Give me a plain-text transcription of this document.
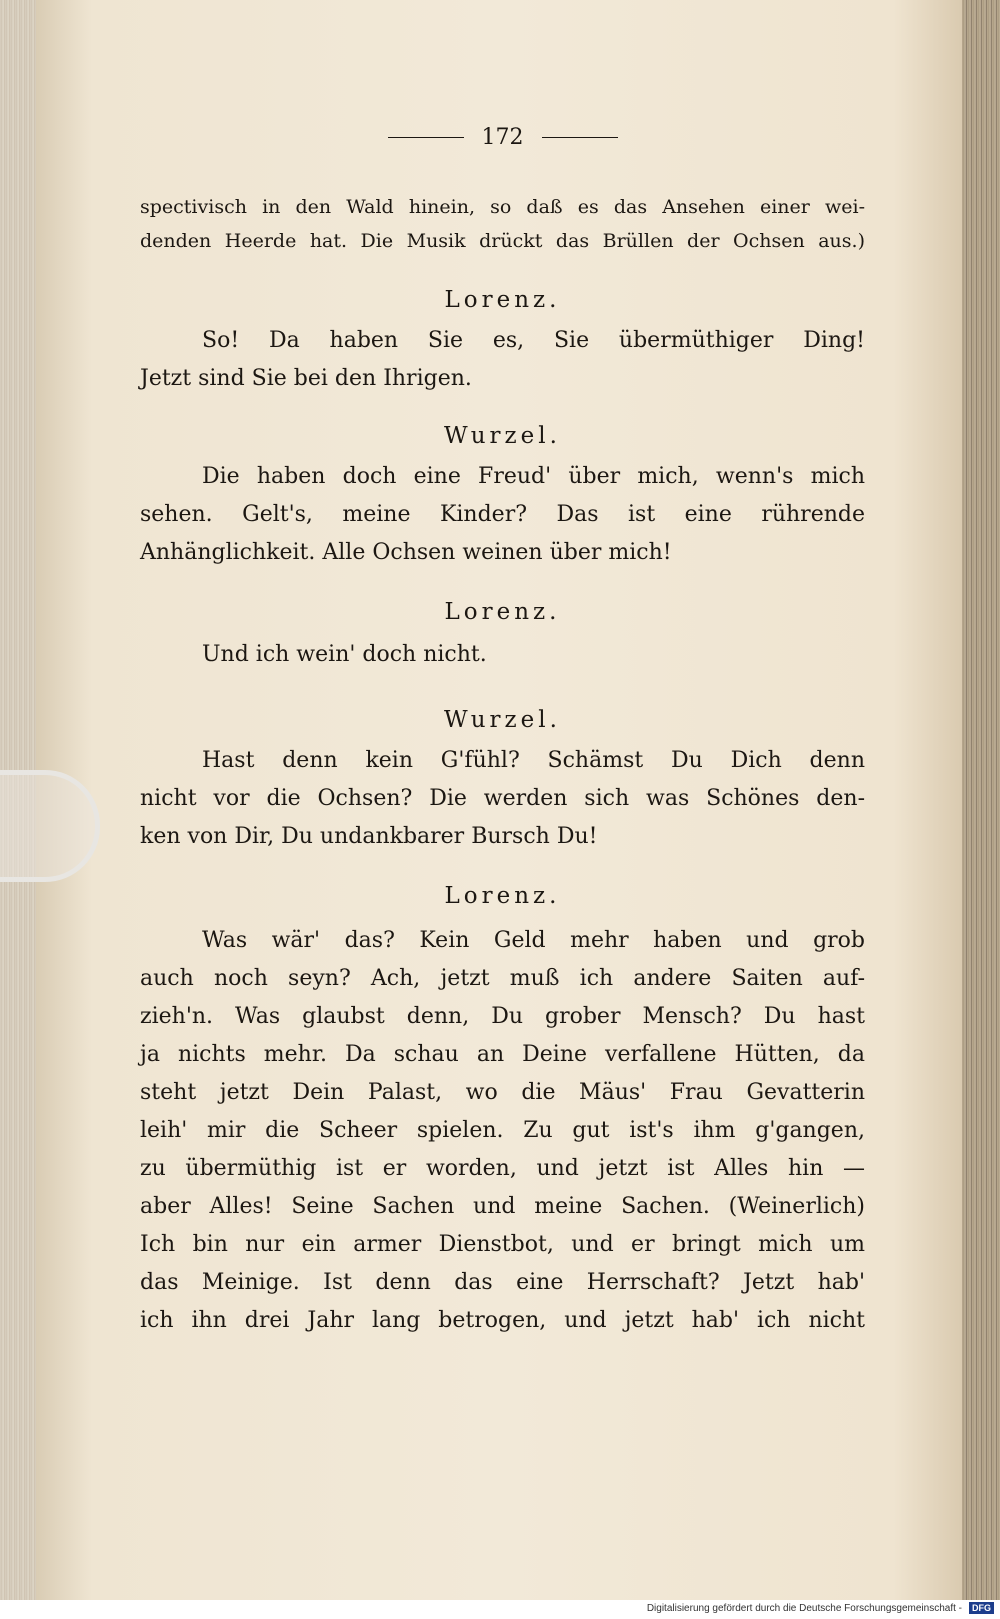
172
spectivisch in den Wald hinein, so daß es das Ansehen einer wei-
denden Heerde hat. Die Musik drückt das Brüllen der Ochsen aus.)
Lorenz.
So! Da haben Sie es, Sie übermüthiger Ding!
Jetzt sind Sie bei den Ihrigen.
Wurzel.
Die haben doch eine Freud' über mich, wenn's mich
sehen. Gelt's, meine Kinder? Das ist eine rührende
Anhänglichkeit. Alle Ochsen weinen über mich!
Lorenz.
Und ich wein' doch nicht.
Wurzel.
Hast denn kein G'fühl? Schämst Du Dich denn
nicht vor die Ochsen? Die werden sich was Schönes den-
ken von Dir, Du undankbarer Bursch Du!
Lorenz.
Was wär' das? Kein Geld mehr haben und grob
auch noch seyn? Ach, jetzt muß ich andere Saiten auf-
zieh'n. Was glaubst denn, Du grober Mensch? Du hast
ja nichts mehr. Da schau an Deine verfallene Hütten, da
steht jetzt Dein Palast, wo die Mäus' Frau Gevatterin
leih' mir die Scheer spielen. Zu gut ist's ihm g'gangen,
zu übermüthig ist er worden, und jetzt ist Alles hin —
aber Alles! Seine Sachen und meine Sachen. (Weinerlich)
Ich bin nur ein armer Dienstbot, und er bringt mich um
das Meinige. Ist denn das eine Herrschaft? Jetzt hab'
ich ihn drei Jahr lang betrogen, und jetzt hab' ich nicht
Digitalisierung gefördert durch die Deutsche Forschungsgemeinschaft -	DFG
